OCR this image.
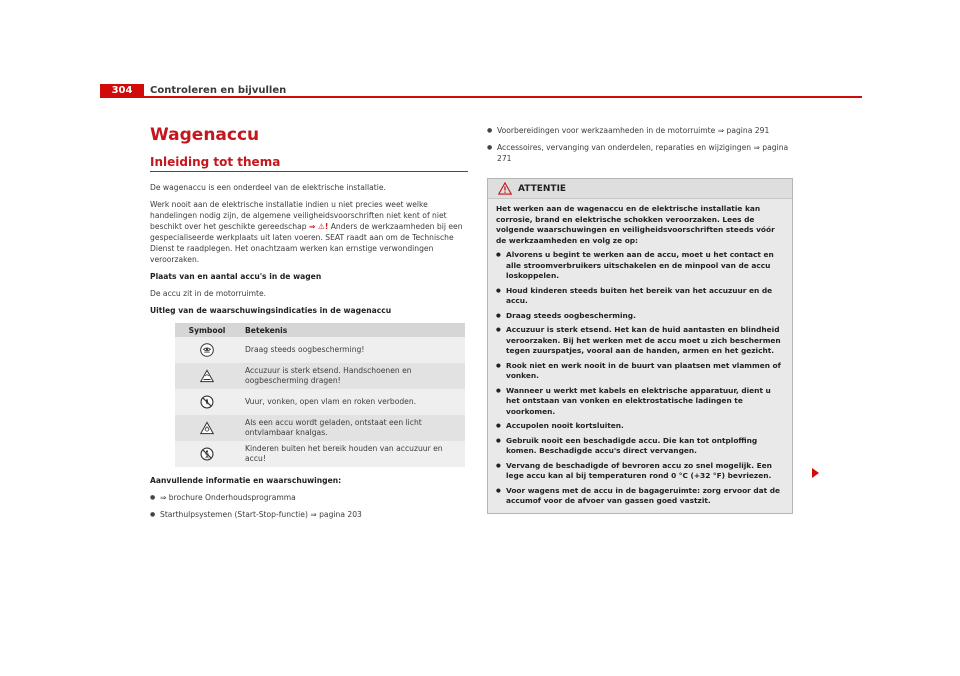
304	Controleren en bijvullen
Wagenaccu
Inleiding tot thema

De wagenaccu is een onderdeel van de elektrische installatie.

Werk nooit aan de elektrische installatie indien u niet precies weet welke handelingen nodig zijn, de algemene veiligheidsvoorschriften niet kent of niet beschikt over het geschikte gereedschap ⇒ ⚠! Anders de werkzaamheden bij een gespecialiseerde werkplaats uit laten voeren. SEAT raadt aan om de Technische Dienst te raadplegen. Het onachtzaam werken kan ernstige verwondingen veroorzaken.

Plaats van en aantal accu's in de wagen

De accu zit in de motorruimte.

Uitleg van de waarschuwingsindicaties in de wagenaccu

Symbool	Betekenis
	Draag steeds oogbescherming!
	Accuzuur is sterk etsend. Handschoenen en oogbescherming dragen!
	Vuur, vonken, open vlam en roken verboden.
	Als een accu wordt geladen, ontstaat een licht ontvlambaar knalgas.
	Kinderen buiten het bereik houden van accuzuur en accu!

Aanvullende informatie en waarschuwingen:

● ⇒ brochure Onderhoudsprogramma
● Starthulpsystemen (Start-Stop-functie) ⇒ pagina 203
● Voorbereidingen voor werkzaamheden in de motorruimte ⇒ pagina 291
● Accessoires, vervanging van onderdelen, reparaties en wijzigingen ⇒ pagina 271
ATTENTIE

Het werken aan de wagenaccu en de elektrische installatie kan corrosie, brand en elektrische schokken veroorzaken. Lees de volgende waarschuwingen en veiligheidsvoorschriften steeds vóór de werkzaamheden en volg ze op:

● Alvorens u begint te werken aan de accu, moet u het contact en alle stroomverbruikers uitschakelen en de minpool van de accu loskoppelen.
● Houd kinderen steeds buiten het bereik van het accuzuur en de accu.
● Draag steeds oogbescherming.
● Accuzuur is sterk etsend. Het kan de huid aantasten en blindheid veroorzaken. Bij het werken met de accu moet u zich beschermen tegen zuurspatjes, vooral aan de handen, armen en het gezicht.
● Rook niet en werk nooit in de buurt van plaatsen met vlammen of vonken.
● Wanneer u werkt met kabels en elektrische apparatuur, dient u het ontstaan van vonken en elektrostatische ladingen te voorkomen.
● Accupolen nooit kortsluiten.
● Gebruik nooit een beschadigde accu. Die kan tot ontploffing komen. Beschadigde accu's direct vervangen.
● Vervang de beschadigde of bevroren accu zo snel mogelijk. Een lege accu kan al bij temperaturen rond 0 °C (+32 °F) bevriezen.
● Voor wagens met de accu in de bagageruimte: zorg ervoor dat de accumof voor de afvoer van gassen goed vastzit.
